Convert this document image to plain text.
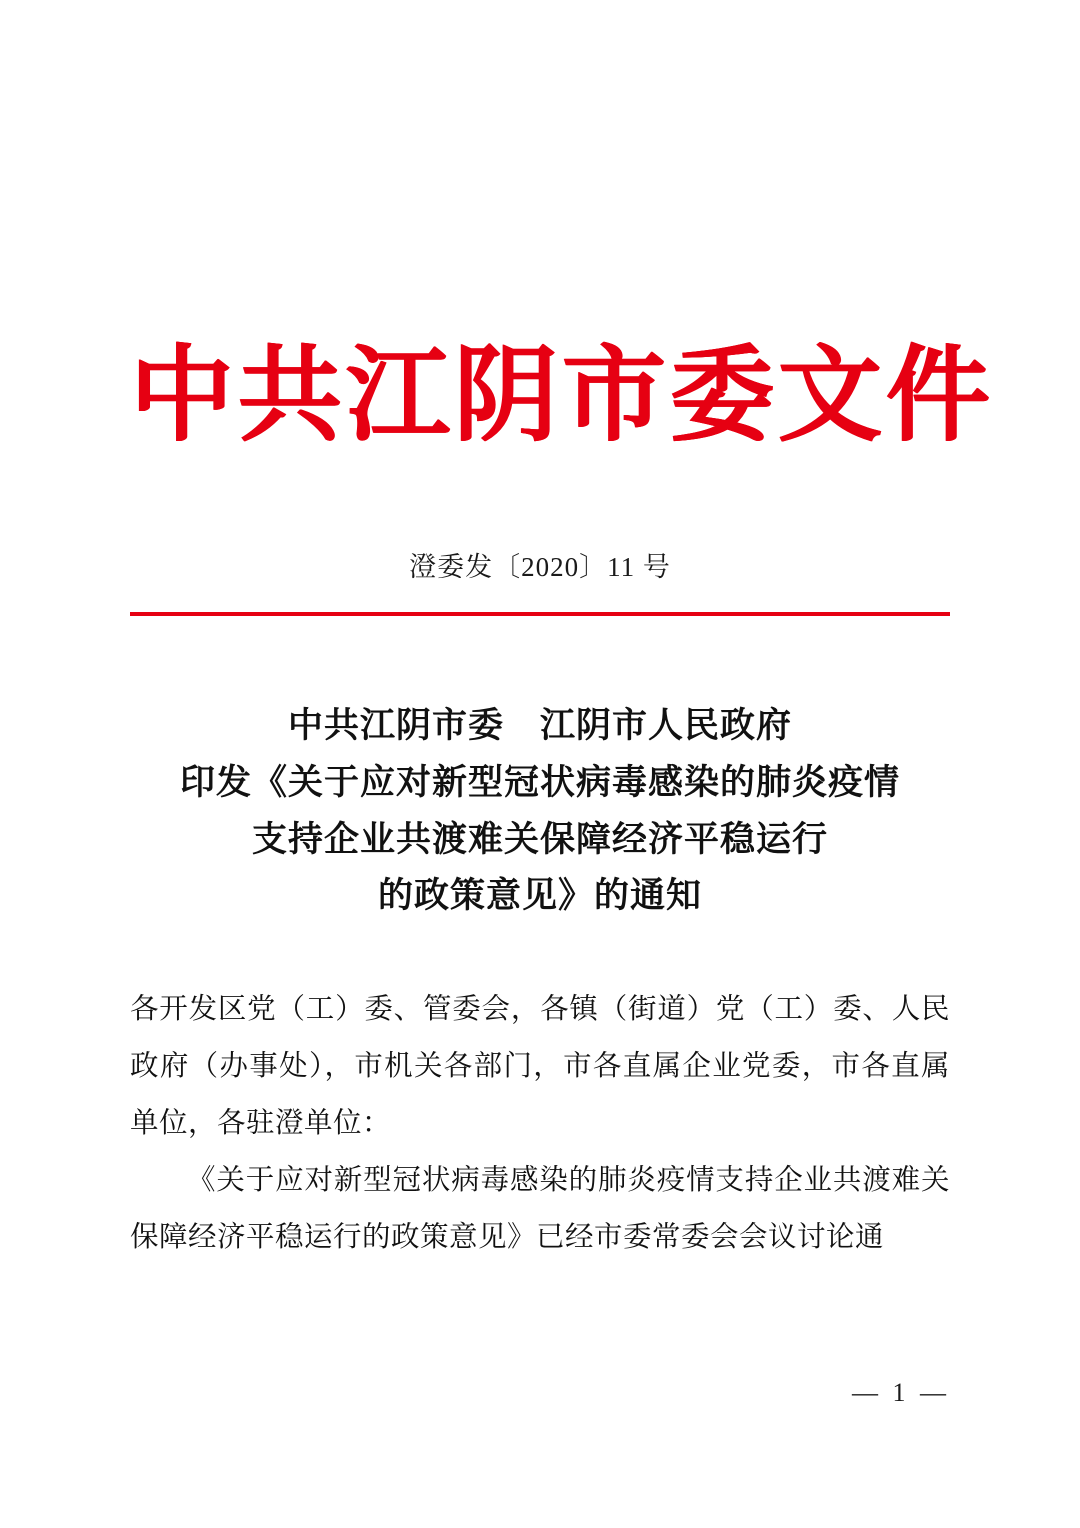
中共江阴市委文件
澄委发〔2020〕11 号
中共江阴市委　江阴市人民政府
印发《关于应对新型冠状病毒感染的肺炎疫情
支持企业共渡难关保障经济平稳运行
的政策意见》的通知

各开发区党（工）委、管委会，各镇（街道）党（工）委、人民政府（办事处），市机关各部门，市各直属企业党委，市各直属单位，各驻澄单位：

《关于应对新型冠状病毒感染的肺炎疫情支持企业共渡难关保障经济平稳运行的政策意见》已经市委常委会会议讨论通

— 1 —
